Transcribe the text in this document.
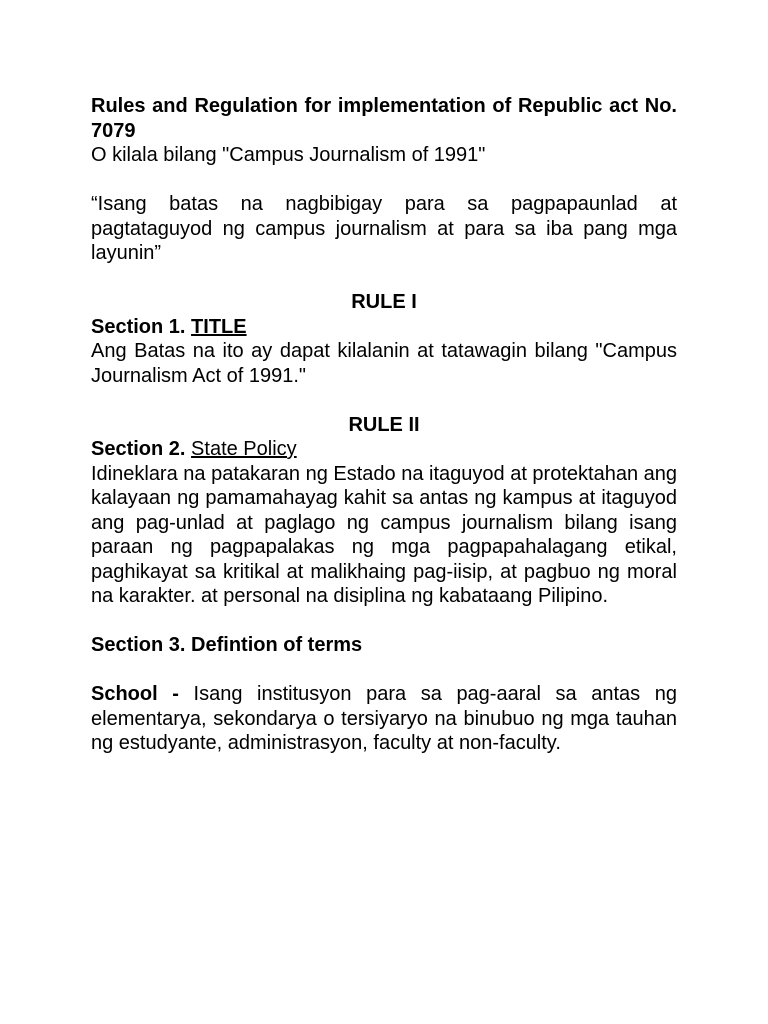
Rules and Regulation for implementation of Republic act No. 7079

O kilala bilang "Campus Journalism of 1991"

“Isang batas na nagbibigay para sa pagpapaunlad at pagtataguyod ng campus journalism at para sa iba pang mga layunin”

RULE I

Section 1. TITLE

Ang Batas na ito ay dapat kilalanin at tatawagin bilang "Campus Journalism Act of 1991."

RULE II

Section 2. State Policy

Idineklara na patakaran ng Estado na itaguyod at protektahan ang kalayaan ng pamamahayag kahit sa antas ng kampus at itaguyod ang pag-unlad at paglago ng campus journalism bilang isang paraan ng pagpapalakas ng mga pagpapahalagang etikal, paghikayat sa kritikal at malikhaing pag-iisip, at pagbuo ng moral na karakter. at personal na disiplina ng kabataang Pilipino.

Section 3. Defintion of terms

School - Isang institusyon para sa pag-aaral sa antas ng elementarya, sekondarya o tersiyaryo na binubuo ng mga tauhan ng estudyante, administrasyon, faculty at non-faculty.
